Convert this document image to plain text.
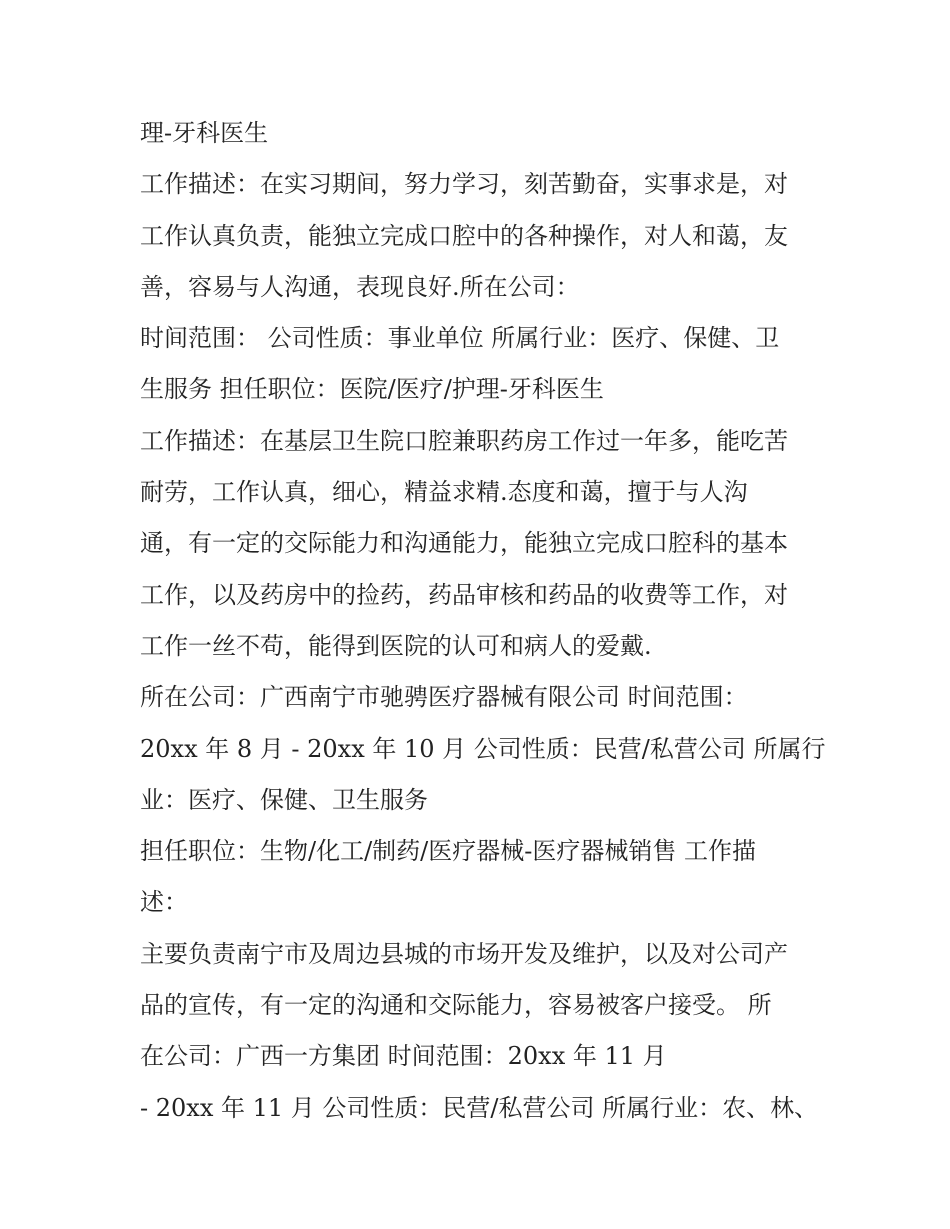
理-牙科医生
工作描述：在实习期间，努力学习，刻苦勤奋，实事求是，对
工作认真负责，能独立完成口腔中的各种操作，对人和蔼，友
善，容易与人沟通，表现良好.所在公司：
时间范围： 公司性质：事业单位 所属行业：医疗、保健、卫
生服务 担任职位：医院/医疗/护理-牙科医生
工作描述：在基层卫生院口腔兼职药房工作过一年多，能吃苦
耐劳，工作认真，细心，精益求精.态度和蔼，擅于与人沟
通，有一定的交际能力和沟通能力，能独立完成口腔科的基本
工作，以及药房中的捡药，药品审核和药品的收费等工作，对
工作一丝不苟，能得到医院的认可和病人的爱戴.
所在公司：广西南宁市驰骋医疗器械有限公司 时间范围：
20xx 年 8 月 - 20xx 年 10 月 公司性质：民营/私营公司 所属行
业：医疗、保健、卫生服务
担任职位：生物/化工/制药/医疗器械-医疗器械销售 工作描
述：
主要负责南宁市及周边县城的市场开发及维护，以及对公司产
品的宣传，有一定的沟通和交际能力，容易被客户接受。 所
在公司：广西一方集团 时间范围：20xx 年 11 月
- 20xx 年 11 月 公司性质：民营/私营公司 所属行业：农、林、
